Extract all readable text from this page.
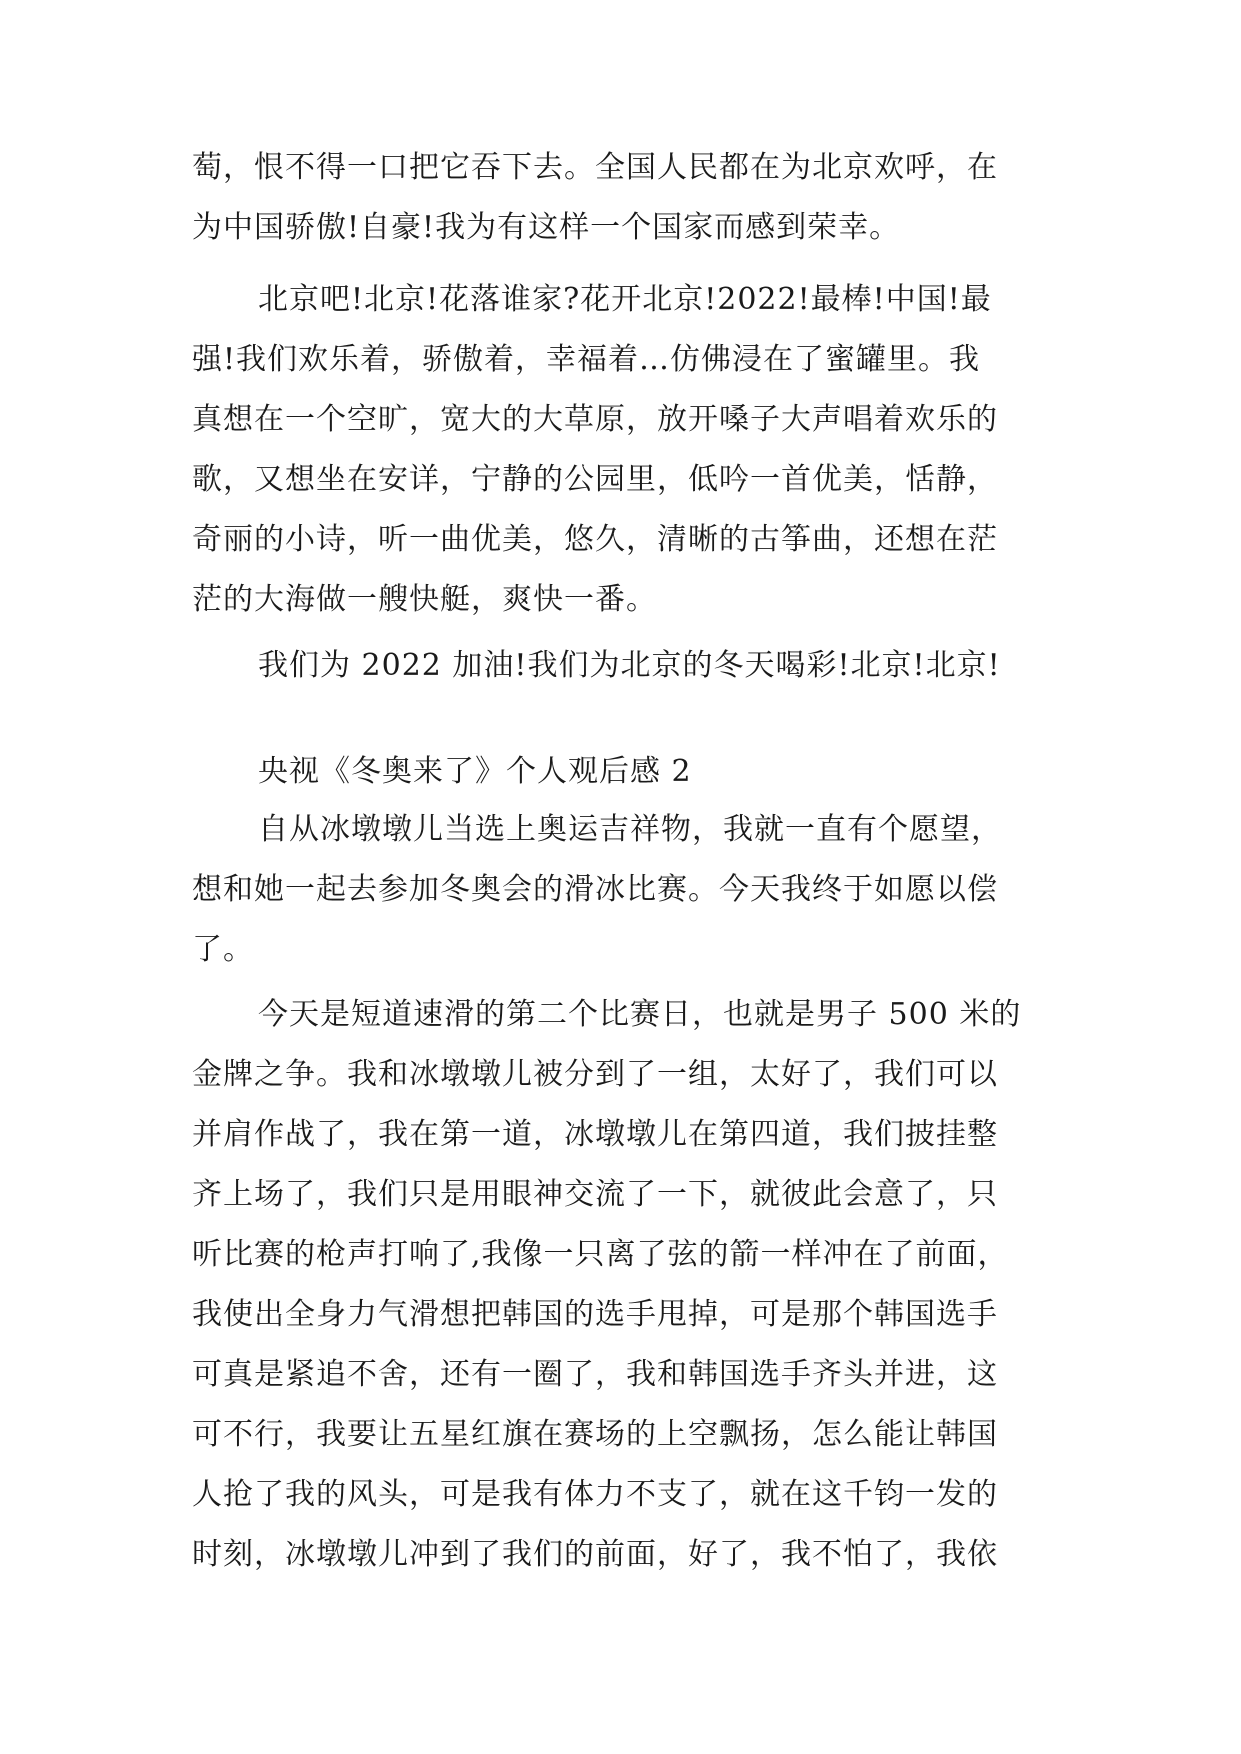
萄，恨不得一口把它吞下去。全国人民都在为北京欢呼，在

为中国骄傲!自豪!我为有这样一个国家而感到荣幸。

北京吧!北京!花落谁家?花开北京!2022!最棒!中国!最

强!我们欢乐着，骄傲着，幸福着…仿佛浸在了蜜罐里。我

真想在一个空旷，宽大的大草原，放开嗓子大声唱着欢乐的

歌，又想坐在安详，宁静的公园里，低吟一首优美，恬静，

奇丽的小诗，听一曲优美，悠久，清晰的古筝曲，还想在茫

茫的大海做一艘快艇，爽快一番。

我们为 2022 加油!我们为北京的冬天喝彩!北京!北京!

央视《冬奥来了》个人观后感 2

自从冰墩墩儿当选上奥运吉祥物，我就一直有个愿望，

想和她一起去参加冬奥会的滑冰比赛。今天我终于如愿以偿

了。

今天是短道速滑的第二个比赛日，也就是男子 500 米的

金牌之争。我和冰墩墩儿被分到了一组，太好了，我们可以

并肩作战了，我在第一道，冰墩墩儿在第四道，我们披挂整

齐上场了，我们只是用眼神交流了一下，就彼此会意了，只

听比赛的枪声打响了,我像一只离了弦的箭一样冲在了前面，

我使出全身力气滑想把韩国的选手甩掉，可是那个韩国选手

可真是紧追不舍，还有一圈了，我和韩国选手齐头并进，这

可不行，我要让五星红旗在赛场的上空飘扬，怎么能让韩国

人抢了我的风头，可是我有体力不支了，就在这千钧一发的

时刻，冰墩墩儿冲到了我们的前面，好了，我不怕了，我依
